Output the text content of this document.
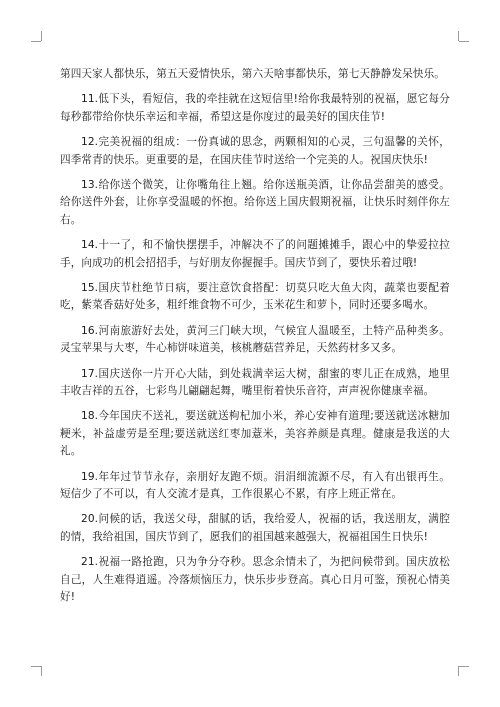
第四天家人都快乐，第五天爱情快乐，第六天啥事都快乐，第七天静静发呆快乐。

11.低下头，看短信，我的牵挂就在这短信里!给你我最特别的祝福，愿它每分每秒都带给你快乐幸运和幸福，希望这是你度过的最美好的国庆佳节!

12.完美祝福的组成：一份真诚的思念，两颗相知的心灵，三句温馨的关怀，四季常青的快乐。更重要的是，在国庆佳节时送给一个完美的人。祝国庆快乐!

13.给你送个微笑，让你嘴角往上翘。给你送瓶美酒，让你品尝甜美的感受。给你送件外套，让你享受温暖的怀抱。给你送上国庆假期祝福，让快乐时刻伴你左右。

14.十一了，和不愉快摆摆手，冲解决不了的问题摊摊手，跟心中的挚爱拉拉手，向成功的机会招招手，与好朋友你握握手。国庆节到了，要快乐着过哦!

15.国庆节杜绝节日病，要注意饮食搭配：切莫只吃大鱼大肉，蔬菜也要配着吃，紫菜香菇好处多，粗纤维食物不可少，玉米花生和萝卜，同时还要多喝水。

16.河南旅游好去处，黄河三门峡大坝，气候宜人温暖至，土特产品种类多。灵宝苹果与大枣，牛心柿饼味道美，核桃蘑菇营养足，天然药材多又多。

17.国庆送你一片开心大陆，到处栽满幸运大树，甜蜜的枣儿正在成熟，地里丰收吉祥的五谷，七彩鸟儿翩翩起舞，嘴里衔着快乐音符，声声祝你健康幸福。

18.今年国庆不送礼，要送就送枸杞加小米，养心安神有道理;要送就送冰糖加粳米，补益虚劳是至理;要送就送红枣加薏米，美容养颜是真理。健康是我送的大礼。

19.年年过节节永存，亲朋好友跑不烦。涓涓细流源不尽，有入有出银再生。短信少了不可以，有人交流才是真，工作很累心不累，有序上班正常在。

20.问候的话，我送父母，甜腻的话，我给爱人，祝福的话，我送朋友，满腔的情，我给祖国，国庆节到了，愿我们的祖国越来越强大，祝福祖国生日快乐!

21.祝福一路抢跑，只为争分夺秒。思念余情未了，为把问候带到。国庆放松自己，人生难得逍遥。冷落烦恼压力，快乐步步登高。真心日月可鉴，预祝心情美好!
